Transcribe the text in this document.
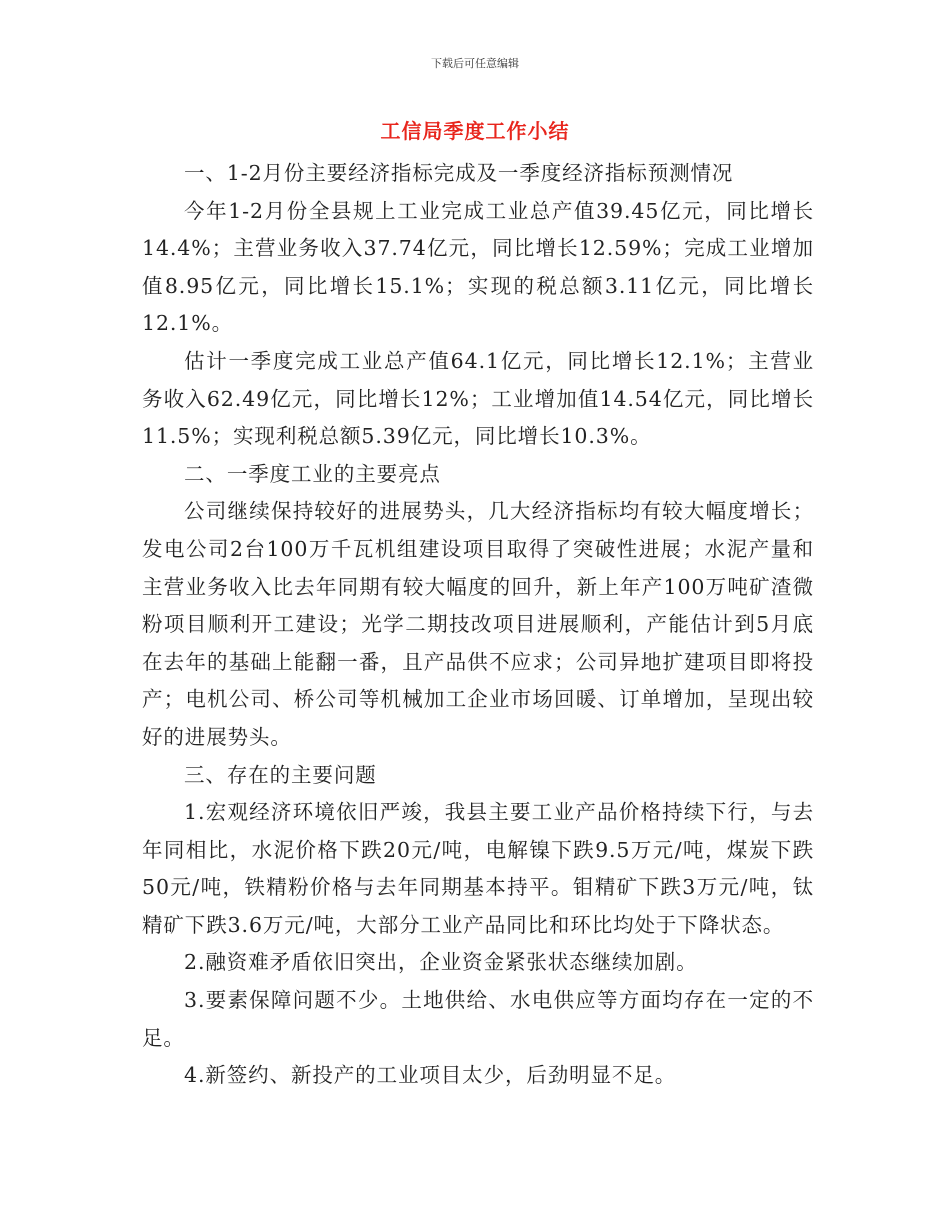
下载后可任意编辑
工信局季度工作小结

一、1-2月份主要经济指标完成及一季度经济指标预测情况

今年1-2月份全县规上工业完成工业总产值39.45亿元，同比增长14.4%；主营业务收入37.74亿元，同比增长12.59%；完成工业增加值8.95亿元，同比增长15.1%；实现的税总额3.11亿元，同比增长12.1%。

估计一季度完成工业总产值64.1亿元，同比增长12.1%；主营业务收入62.49亿元，同比增长12%；工业增加值14.54亿元，同比增长11.5%；实现利税总额5.39亿元，同比增长10.3%。

二、一季度工业的主要亮点

公司继续保持较好的进展势头，几大经济指标均有较大幅度增长；发电公司2台100万千瓦机组建设项目取得了突破性进展；水泥产量和主营业务收入比去年同期有较大幅度的回升，新上年产100万吨矿渣微粉项目顺利开工建设；光学二期技改项目进展顺利，产能估计到5月底在去年的基础上能翻一番，且产品供不应求；公司异地扩建项目即将投产；电机公司、桥公司等机械加工企业市场回暖、订单增加，呈现出较好的进展势头。

三、存在的主要问题

1.宏观经济环境依旧严竣，我县主要工业产品价格持续下行，与去年同相比，水泥价格下跌20元/吨，电解镍下跌9.5万元/吨，煤炭下跌50元/吨，铁精粉价格与去年同期基本持平。钼精矿下跌3万元/吨，钛精矿下跌3.6万元/吨，大部分工业产品同比和环比均处于下降状态。

2.融资难矛盾依旧突出，企业资金紧张状态继续加剧。

3.要素保障问题不少。土地供给、水电供应等方面均存在一定的不足。

4.新签约、新投产的工业项目太少，后劲明显不足。
